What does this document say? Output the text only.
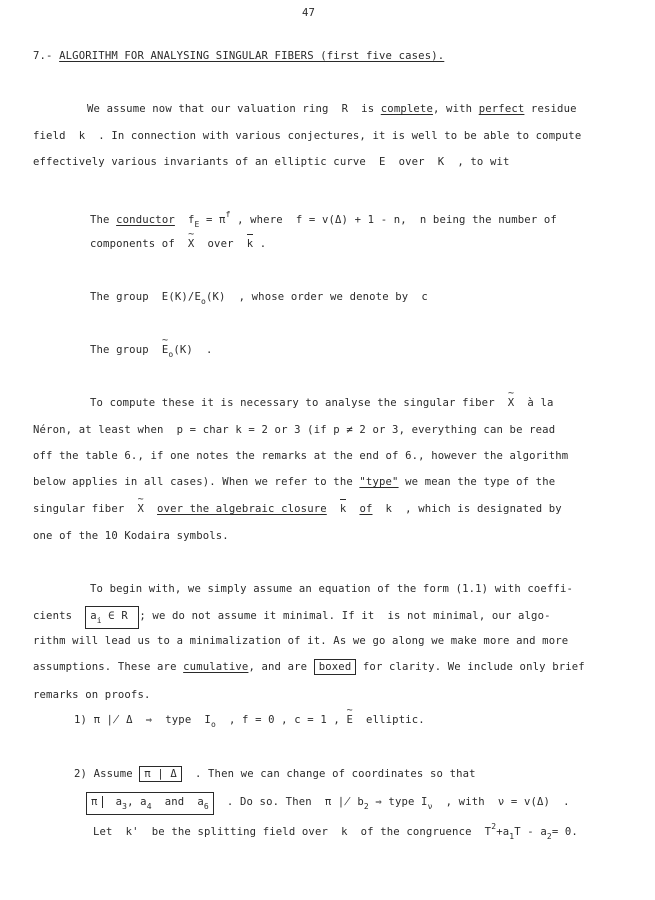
47
7.- ALGORITHM FOR ANALYSING SINGULAR FIBERS (first five cases).
We assume now that our valuation ring  R  is complete, with perfect residue
field  k  . In connection with various conjectures, it is well to be able to compute
effectively various invariants of an elliptic curve  E  over  K  , to wit
The conductor $f_E = \pi^f$ , where  f = v(Δ) + 1 - n,  n being the number of
components of  ~ X  over  k .
The group  $E(K)/E_o(K)$  , whose order we denote by  c
The group  ~ $E_o(K)$  .
To compute these it is necessary to analyse the singular fiber  ~ X  à la
Néron, at least when  p = char k = 2 or 3 (if p ≠ 2 or 3, everything can be read
off the table 6., if one notes the remarks at the end of 6., however the algorithm
below applies in all cases). When we refer to the "type" we mean the type of the
singular fiber  ~ X over the algebraic closure k of  k  , which is designated by
one of the 10 Kodaira symbols.
To begin with, we simply assume an equation of the form (1.1) with coeffi-
cients  $a_i$ ∈ R ; we do not assume it minimal. If it  is not minimal, our algo-
rithm will lead us to a minimalization of it. As we go along we make more and more
assumptions. These are cumulative, and are boxed for clarity. We include only brief
remarks on proofs.
1) π ∤ Δ  ⇒  type  $I_o$  , f = 0 , c = 1 , ~ E  elliptic.
2) Assume π | Δ  . Then we can change of coordinates so that
π  $a_3$, $a_4$  and  $a_6$  . Do so. Then  π ∤ $b_2$ ⇒ type $I_\nu$  , with  ν = v(Δ)  .
Let  k'  be the splitting field over  k  of the congruence  $T^2+a_1T - a_2= 0$.
